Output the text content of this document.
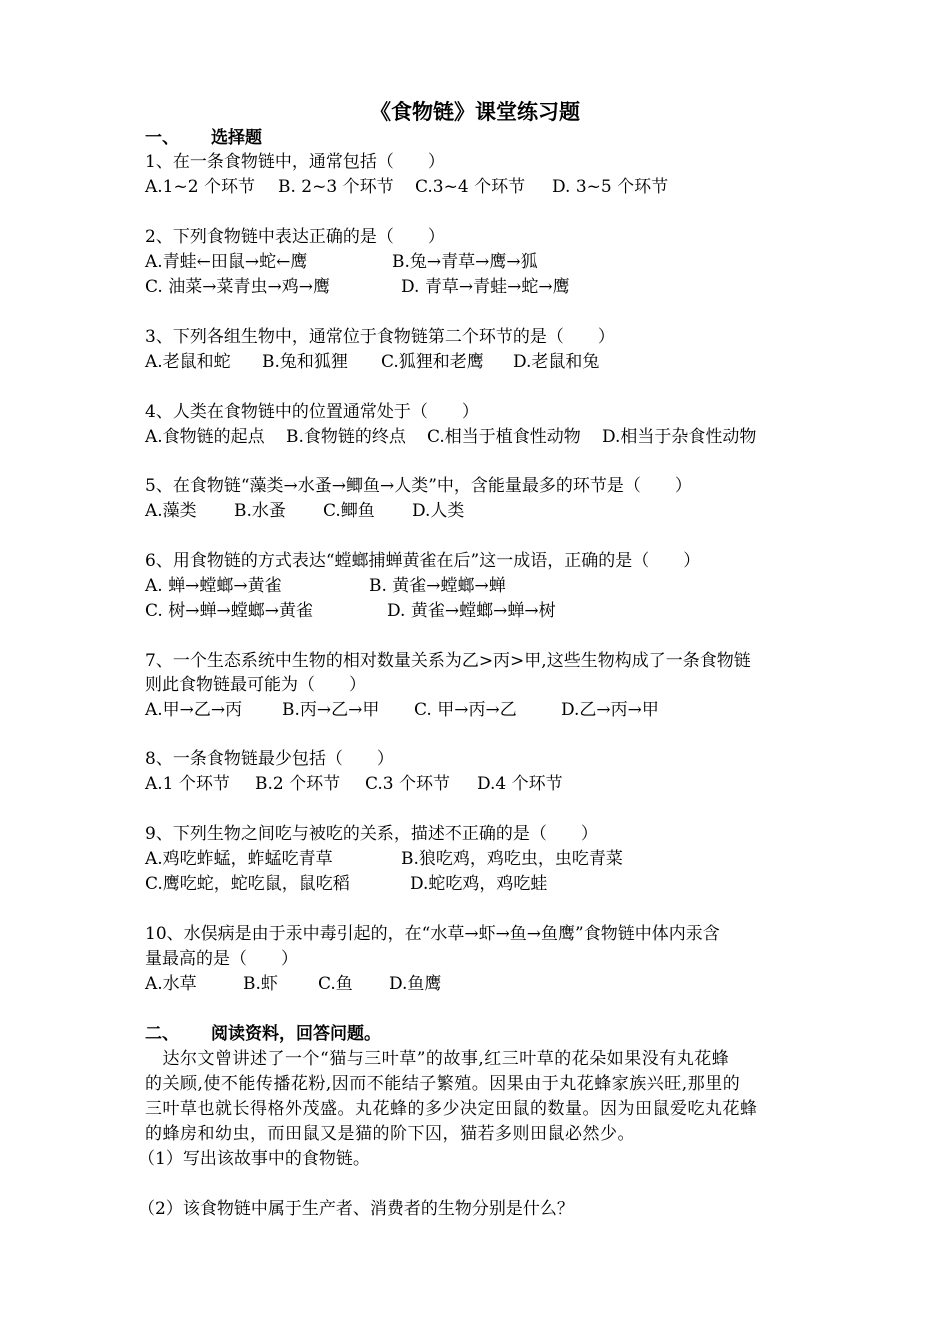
《食物链》课堂练习题
一、 选择题
1、在一条食物链中，通常包括（　　）
A.1~2 个环节 B. 2~3 个环节 C.3~4 个环节 D. 3~5 个环节
2、下列食物链中表达正确的是（　　）
A.青蛙←田鼠→蛇←鹰	B.兔→青草→鹰→狐
C. 油菜→菜青虫→鸡→鹰	D. 青草→青蛙→蛇→鹰
3、下列各组生物中，通常位于食物链第二个环节的是（　　）
A.老鼠和蛇 B.兔和狐狸 C.狐狸和老鹰 D.老鼠和兔
4、人类在食物链中的位置通常处于（　　）
A.食物链的起点 B.食物链的终点 C.相当于植食性动物 D.相当于杂食性动物
5、在食物链“藻类→水蚤→鲫鱼→人类”中，含能量最多的环节是（　　）
A.藻类 B.水蚤 C.鲫鱼 D.人类
6、用食物链的方式表达“螳螂捕蝉黄雀在后”这一成语，正确的是（　　）
A. 蝉→螳螂→黄雀	B. 黄雀→螳螂→蝉
C. 树→蝉→螳螂→黄雀	D. 黄雀→螳螂→蝉→树
7、一个生态系统中生物的相对数量关系为乙>丙>甲,这些生物构成了一条食物链
则此食物链最可能为（　　）
A.甲→乙→丙 B.丙→乙→甲 C. 甲→丙→乙	D.乙→丙→甲
8、一条食物链最少包括（　　）
A.1 个环节 B.2 个环节 C.3 个环节 D.4 个环节
9、下列生物之间吃与被吃的关系，描述不正确的是（　　）
A.鸡吃蚱蜢，蚱蜢吃青草	B.狼吃鸡，鸡吃虫，虫吃青菜
C.鹰吃蛇，蛇吃鼠，鼠吃稻	D.蛇吃鸡，鸡吃蛙
10、水俣病是由于汞中毒引起的，在“水草→虾→鱼→鱼鹰”食物链中体内汞含
量最高的是（　　）
A.水草	B.虾 C.鱼 D.鱼鹰
二、 阅读资料，回答问题。
　达尔文曾讲述了一个“猫与三叶草”的故事,红三叶草的花朵如果没有丸花蜂
的关顾,使不能传播花粉,因而不能结子繁殖。因果由于丸花蜂家族兴旺,那里的
三叶草也就长得格外茂盛。丸花蜂的多少决定田鼠的数量。因为田鼠爱吃丸花蜂
的蜂房和幼虫，而田鼠又是猫的阶下囚，猫若多则田鼠必然少。
（1）写出该故事中的食物链。
（2）该食物链中属于生产者、消费者的生物分别是什么？
